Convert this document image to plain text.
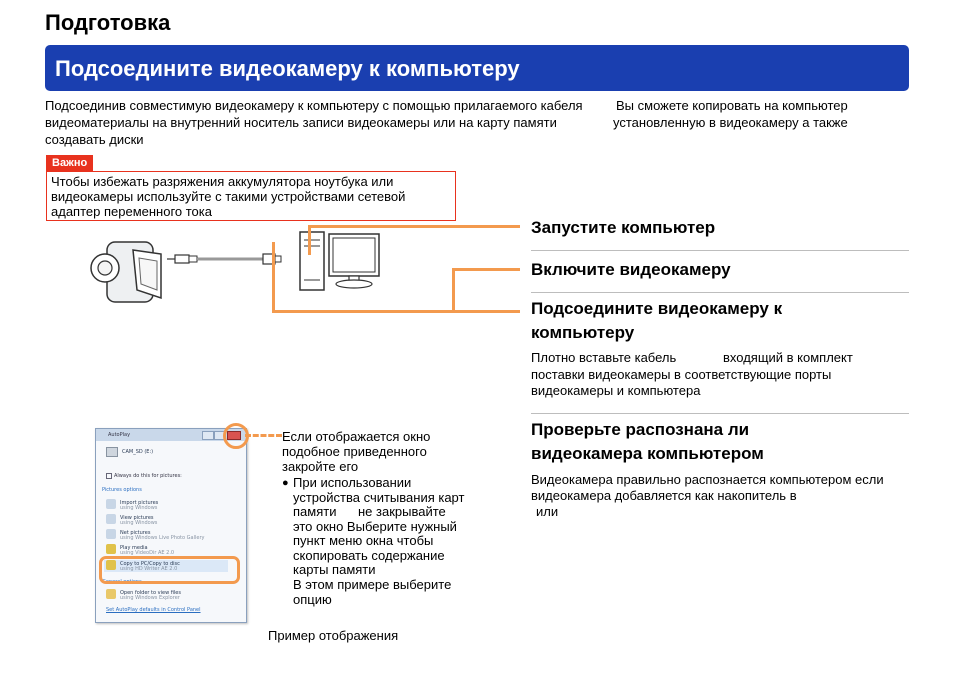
Подготовка
Подсоедините видеокамеру к компьютеру
Подсоединив совместимую видеокамеру к компьютеру с помощью прилагаемого кабеля
видеоматериалы на внутренний носитель записи видеокамеры или на карту памяти
создавать диски
Вы сможете копировать на компьютер
установленную в видеокамеру а также
Важно
Чтобы избежать разряжения аккумулятора ноутбука или
видеокамеры используйте с такими устройствами сетевой
адаптер переменного тока
Запустите компьютер
Включите видеокамеру
Подсоедините видеокамеру к
компьютеру
Плотно вставьте кабель	входящий в комплект
поставки видеокамеры в соответствующие порты
видеокамеры и компьютера
Проверьте распознана ли
видеокамера компьютером
Видеокамера правильно распознается компьютером если
видеокамера добавляется как накопитель в
или
AutoPlay
CAM_SD (E:)
Always do this for pictures:
Pictures options
Import pictures
using Windows
View pictures
using Windows
Net pictures
using Windows Live Photo Gallery
Play media
using VideoDir AE 2.0
Copy to PC/Copy to disc
using HD Writer AE 2.0
General options
Open folder to view files
using Windows Explorer
Set AutoPlay defaults in Control Panel
Если отображается окно
подобное приведенного
закройте его
● При использовании
устройства считывания карт
памяти не закрывайте
это окно Выберите нужный
пункт меню окна чтобы
скопировать содержание
карты памяти
В этом примере выберите
опцию
Пример отображения
